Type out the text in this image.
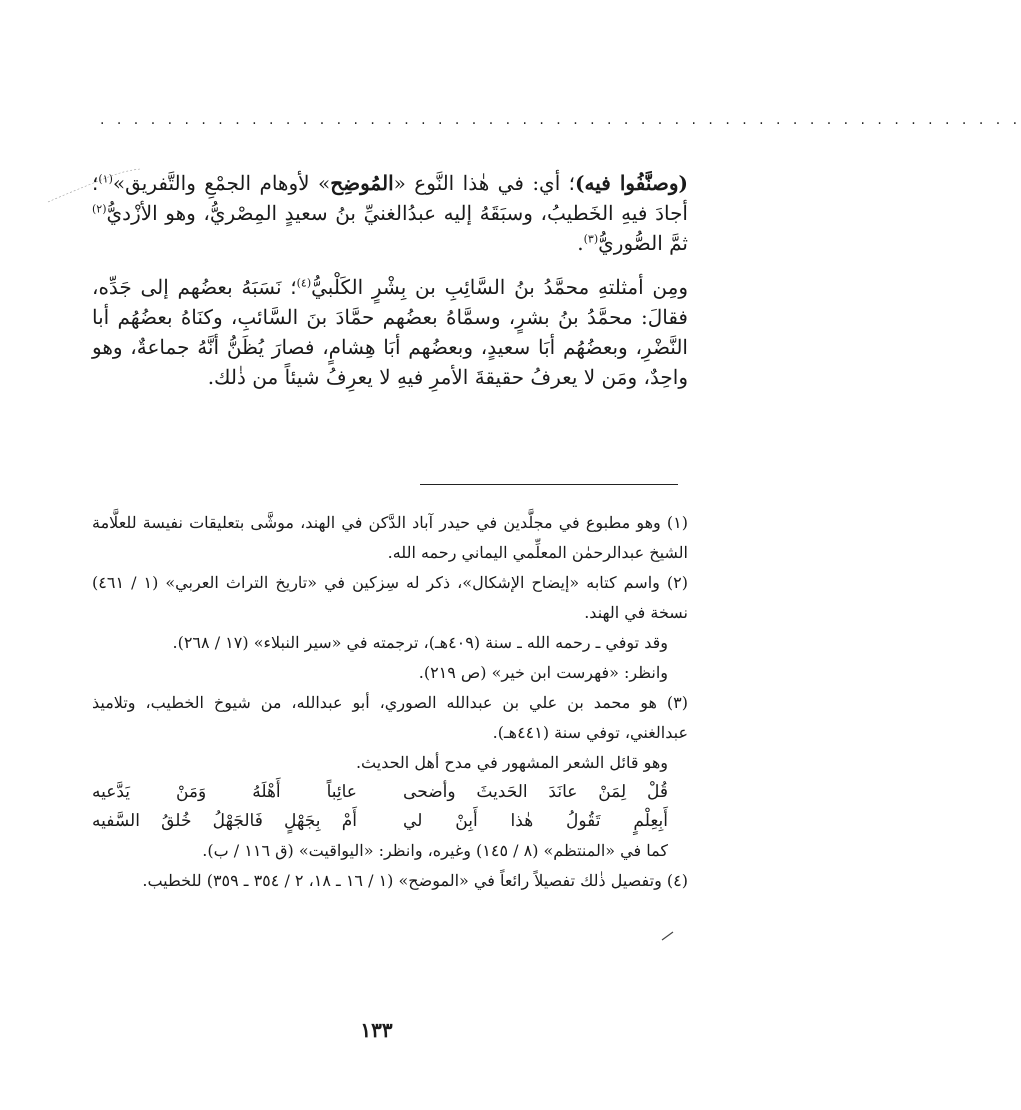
. . . . . . . . . . . . . . . . . . . . . . . . . . . . . . . . . . . . . . . . . . . . . . . . . . . . . . .

(وصنَّفُوا فيه)؛ أي: في هٰذا النَّوع «المُوضِح» لأوهام الجمْعِ والتَّفريق»$^{(١)}$؛ أجادَ فيهِ الخَطيبُ، وسبَقَهُ إليه عبدُالغنيِّ بنُ سعيدٍ المِصْريُّ، وهو الأزْديُّ$^{(٢)}$ ثمَّ الصُّوريُّ$^{(٣)}$.

ومِن أمثلتهِ محمَّدُ بنُ السَّائِبِ بن بِشْرٍ الكَلْبيُّ$^{(٤)}$؛ نَسَبَهُ بعضُهم إلى جَدِّه، فقالَ: محمَّدُ بنُ بشرٍ، وسمَّاهُ بعضُهم حمَّادَ بنَ السَّائبِ، وكنَاهُ بعضُهُم أبا النَّضْرِ، وبعضُهُم أبَا سعيدٍ، وبعضُهم أبَا هِشامٍ، فصارَ يُظَنُّ أنَّهُ جماعةٌ، وهو واحِدٌ، ومَن لا يعرفُ حقيقةَ الأمرِ فيهِ لا يعرِفُ شيئاً من ذٰلك.

(١) وهو مطبوع في مجلَّدين في حيدر آباد الدَّكن في الهند، موشَّى بتعليقات نفيسة للعلَّامة الشيخ عبدالرحمٰن المعلِّمي اليماني رحمه الله.

(٢) واسم كتابه «إيضاح الإشكال»، ذكر له سِزكين في «تاريخ التراث العربي» (١ / ٤٦١) نسخة في الهند.

وقد توفي ـ رحمه الله ـ سنة (٤٠٩هـ)، ترجمته في «سير النبلاء» (١٧ / ٢٦٨).

وانظر: «فهرست ابن خير» (ص ٢١٩).

(٣) هو محمد بن علي بن عبدالله الصوري، أبو عبدالله، من شيوخ الخطيب، وتلاميذ عبدالغني، توفي سنة (٤٤١هـ).

وهو قائل الشعر المشهور في مدح أهل الحديث.

قُلْ لِمَنْ عانَدَ الحَديثَ وأضحى
عائِباً أَهْلَهُ وَمَنْ يَدَّعيه
أَبِعِلْمٍ تَقُولُ هٰذا أَبِنْ لي
أَمْ بِجَهْلٍ فَالجَهْلُ خُلقُ السَّفيه

كما في «المنتظم» (٨ / ١٤٥) وغيره، وانظر: «اليواقيت» (ق ١١٦ / ب).

(٤) وتفصيل ذٰلك تفصيلاً رائعاً في «الموضح» (١ / ١٦ ـ ١٨، ٢ / ٣٥٤ ـ ٣٥٩) للخطيب.

١٣٣
